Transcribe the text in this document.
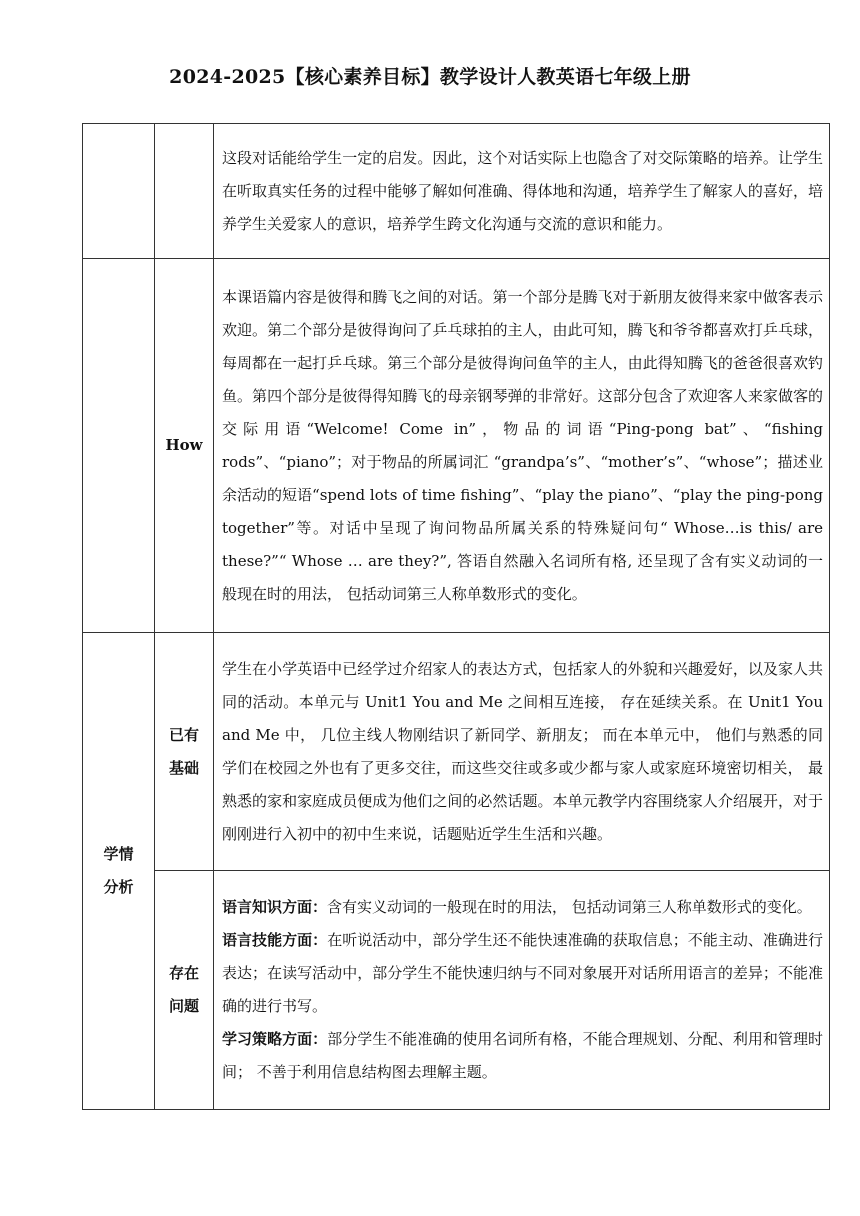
2024-2025【核心素养目标】教学设计人教英语七年级上册
		这段对话能给学生一定的启发。因此，这个对话实际上也隐含了对交际策略的培养。让学生在听取真实任务的过程中能够了解如何准确、得体地和沟通，培养学生了解家人的喜好，培养学生关爱家人的意识，培养学生跨文化沟通与交流的意识和能力。
	How	本课语篇内容是彼得和腾飞之间的对话。第一个部分是腾飞对于新朋友彼得来家中做客表示欢迎。第二个部分是彼得询问了乒乓球拍的主人，由此可知，腾飞和爷爷都喜欢打乒乓球，每周都在一起打乒乓球。第三个部分是彼得询问鱼竿的主人，由此得知腾飞的爸爸很喜欢钓鱼。第四个部分是彼得得知腾飞的母亲钢琴弹的非常好。这部分包含了欢迎客人来家做客的交际用语“Welcome! Come in”，物品的词语“Ping-pong bat”、“fishing rods”、“piano”；对于物品的所属词汇 “grandpa’s”、“mother’s”、“whose”；描述业余活动的短语“spend lots of time fishing”、“play the piano”、“play the ping-pong together”等。对话中呈现了询问物品所属关系的特殊疑问句“ Whose…is this/ are these?”“ Whose … are they?”, 答语自然融入名词所有格, 还呈现了含有实义动词的一般现在时的用法， 包括动词第三人称单数形式的变化。
学情分析	已有基础	学生在小学英语中已经学过介绍家人的表达方式，包括家人的外貌和兴趣爱好，以及家人共同的活动。本单元与 Unit1 You and Me 之间相互连接， 存在延续关系。在 Unit1 You and Me 中， 几位主线人物刚结识了新同学、新朋友； 而在本单元中， 他们与熟悉的同学们在校园之外也有了更多交往，而这些交往或多或少都与家人或家庭环境密切相关， 最熟悉的家和家庭成员便成为他们之间的必然话题。本单元教学内容围绕家人介绍展开，对于刚刚进行入初中的初中生来说，话题贴近学生生活和兴趣。
	存在问题	语言知识方面：含有实义动词的一般现在时的用法， 包括动词第三人称单数形式的变化。
语言技能方面：在听说活动中，部分学生还不能快速准确的获取信息；不能主动、准确进行表达；在读写活动中，部分学生不能快速归纳与不同对象展开对话所用语言的差异；不能准确的进行书写。
学习策略方面：部分学生不能准确的使用名词所有格，不能合理规划、分配、利用和管理时间； 不善于利用信息结构图去理解主题。
